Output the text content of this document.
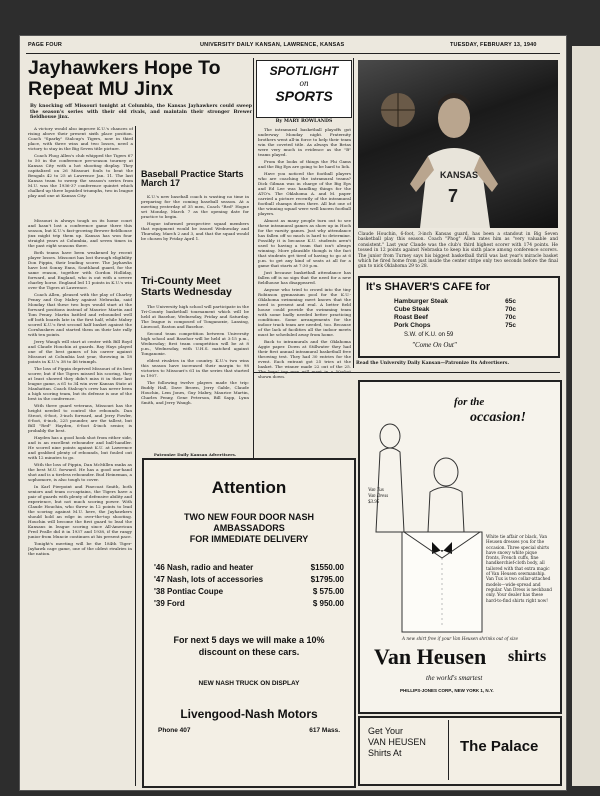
PAGE FOUR	UNIVERSITY DAILY KANSAN, LAWRENCE, KANSAS	TUESDAY, FEBRUARY 13, 1940
Jayhawkers Hope To Repeat MU Jinx
By knocking off Missouri tonight at Columbia, the Kansas Jayhawkers could sweep the season's series with their old rivals, and maintain their stronger Brewer fieldhouse jinx.

A victory would also improve K.U.'s chances of rising above their present sixth place position. Coach "Sparky" Stalcup's Tigers, now in third place, with three wins and two losses, need a victory to stay in the Big Seven title picture.

Coach Phog Allen's club whipped the Tigers 67 to 50 in the conference pre-season tourney at Kansas City with a hot shooting display. They capitalized on 26 Missouri fouls to beat the Bengals 42 to 25 at Lawrence Jan. 11. The last Kansas team to sweep the season's series from M.U. was the 1936-37 conference quintet which chalked up three lopsided triumphs, two in league play and one at Kansas City.

Missouri is always tough on its home court and hasn't lost a conference game there this season, but K.U.'s fast-growing Brewer fieldhouse jinx might trip them up. Kansas has won four straight years at Columbia, and seven times in the past eight seasons there.

Both teams have been weakened by recent player losses. Missouri has lost through eligibility Don Pippin, their leading scorer. The Jayhawks have lost Sonny Enns, Southland guard, for the same reason, together with Gordon Holliday, forward, and England, who is out with a severe charley horse. England led 11 points in K.U.'s win over the Tigers at Lawrence.

Coach Allen, pleased with the play of Charley Penny and Guy Mabry against Nebraska, said Monday that these two boys would start at the forward positions instead of Maurice Martin and Tom Penny. Martin battled and rebounded well off both boards late in the first half, while Mabry scored K.U.'s first second half basket against the Cornhuskers and started them on their late rally with ten points.

Jerry Waugh will start at center with Bill Boyd and Claude Houchin at guards. Ray Hays played one of the best games of his career against Missouri at Columbia last year, throwing in 18 points in K.U.'s 38 to 46 triumph.

The loss of Pippin deprived Missouri of its best scorer, but if the Tigers missed his scoring, they at least showed they didn't miss it in their last league game, a 61 to 34 win over Kansas State at Manhattan. Coach Stalcup's crew has never been a high scoring team, but its defense is one of the best in the conference.

With three guard veterans, Missouri has the height needed to control the rebounds. Dan Stroot, 6-foot, 3-inch forward, and Jerry Fowler, 6-foot, 6-inch, 225 pounder, are the tallest, but Bill "Red" Hayden, 6-foot 4-inch senior, is probably the best.

Hayden has a good hook shot from either side, and is an excellent rebounder and ball-handler. He scored nine points against K.U. at Lawrence and grabbed plenty of rebounds, but fouled out with 12 minutes to go.

With the loss of Pippin, Dan McMillen ranks as the best M.U. forward. He has a good one-hand shot and is a tireless rebounder. Bud Heineman, a sophomore, is also tough to cover.

In Karl Pierpoint and Pinecoat Smith, both seniors and team co-captains, the Tigers have a pair of guards with plenty of defensive ability and experience, but not much scoring power. With Claude Houchin, who threw in 12 points to lead the scoring against M.U. here, the Jayhawkers should hold an edge in over-the-top shooting. Houchin will become the first guard to lead the Kansans in league scoring since All-American Fred Pralle did it in 1937 and 1938, if the rangy junior from Muncie continues at his present pace.

Tonight's meeting will be the 184th Tiger-Jayhawk cage game, one of the oldest rivalries in the nation.

Baseball Practice Starts March 17

K.U.'s new baseball coach is wasting no time in preparing for the coming baseball season. At a meeting yesterday of 35 men, Coach "Red" Hogue set Monday, March 7 as the opening date for practice to begin.

Hogue informed prospective squad members that equipment would be issued Wednesday and Thursday, March 2 and 3, and that the squad would be chosen by Friday April 1.

Tri-County Meet Starts Wednesday

The University high school will participate in the Tri-County basketball tournament which will be held at Basehor, Wednesday, Friday and Saturday. The league is composed of Tonganoxie, Lansing, Linwood, Easton and Basehor.

Second team competition between University high school and Basehor will be held at 3:15 p.m., Wednesday; first team competition will be at 8 p.m., Wednesday, with U.H.S. matched against Tonganoxie.

eldest rivalries in the country. K.U.'s two wins this season have increased their margin to 98 victories to Missouri's 61 in the series that started in 1907.

The following twelve players made the trip: Buddy Hall, Dave Brown, Jerry Gable, Claude Houchin, Lem Jones, Guy Mabry, Maurice Martin, Charles Penny, Gene Peterson, Bill Sapp, Lynn Smith, and Jerry Waugh.

Patronize Daily Kansan Advertisers.
SPOTLIGHT
on
SPORTS
By MARY ROWLANDS

The intramural basketball playoffs got underway Monday night. Fraternity brothers went all-in force to help their team win the coveted title. As always the Betas were very much in evidence as the "B" teams played.

From the looks of things the Phi Gams and the Big Eps are going to be hard to lick.

Have you noticed the football players who are coaching the intramural teams? Dick Gilman was in charge of the Big Eps and Ed Lee was handling things for the ATO's. The Oklahoma A. and M. paper carried a picture recently of the intramural football champs down there. All but one of the winning squad were well known football players.

Almost as many people turn out to see these intramural games as show up in Hoch for the varsity games. Just why attendance has fallen off so much is hard to determine. Possibly it is because K.U. students aren't used to having a team that isn't always winning. More plausible though is the fact that students get tired of having to go at 6 p.m. to get any kind of seats at all for a game that starts at 7:30 p.m.

Just because basketball attendance has fallen off is no sign that the need for a new fieldhouse has disappeared.

Anyone who tried to crowd into the tiny Robinson gymnasium pool for the K.U.-Oklahoma swimming meet knows that the need is present and real. A better field house could provide the swimming team with some badly needed better practicing conditions. Some arrangements for the indoor track team are needed, too. Because of the lack of facilities all the indoor meets must be scheduled away from home.

Back to intramurals and the Oklahoma Aggie paper. Down at Stillwater they had their first annual intramural basketball free throwing test. They had 30 entries for the event. Each entrant got 25 tries at the basket. The winner made 22 out of the 25. shown down.

KANSAS
7
Claude Houchin, 6-foot, 3-inch Kansas guard, has been a standout in Big Seven basketball play this season. Coach "Phog" Allen rates him as "very valuable and consistent." Last year Claude was the club's third highest scorer with 174 points. He tossed in 12 points against Nebraska to keep his sixth place among conference scorers. The junior from Turney says his biggest basketball thrill was last year's miracle basket which he fired home from just inside the center stripe only two seconds before the final gun to nick Oklahoma 29 to 28.
It's SHAVER'S CAFE for
Hamburger Steak	65c
Cube Steak	70c
Roast Beef	70c
Pork Chops	75c
S.W. of K.U. on 59
"Come On Out"
Read the University Daily Kansan—Patronize Its Advertisers.
Attention
TWO NEW FOUR DOOR NASH
AMBASSADORS
FOR IMMEDIATE DELIVERY
'46 Nash, radio and heater	$1550.00
'47 Nash, lots of accessories	$1795.00
'38 Pontiac Coupe	$ 575.00
'39 Ford	$ 950.00
For next 5 days we will make a 10% discount on these cars.
NEW NASH TRUCK ON DISPLAY
Livengood-Nash Motors
Phone 407	617 Mass.
for the
occasion!
Van Tux
Van Dress
$3.95
White tie affair or black, Van Heusen dresses you for the occasion. Three special shirts have snowy white pique fronts, French cuffs, fine handkerchief-cloth body, all tailored with that extra magic of Van Heusen sewmanship. Van Tux is two collar-attached models—wide-spread and regular. Van Dress is neckband only. Your dealer has these hard-to-find shirts right now!
A new shirt free if your Van Heusen shrinks out of size
Van Heusen shirts
the world's smartest
PHILLIPS-JONES CORP., NEW YORK 1, N.Y.
Get Your
VAN HEUSEN
Shirts At	The Palace
